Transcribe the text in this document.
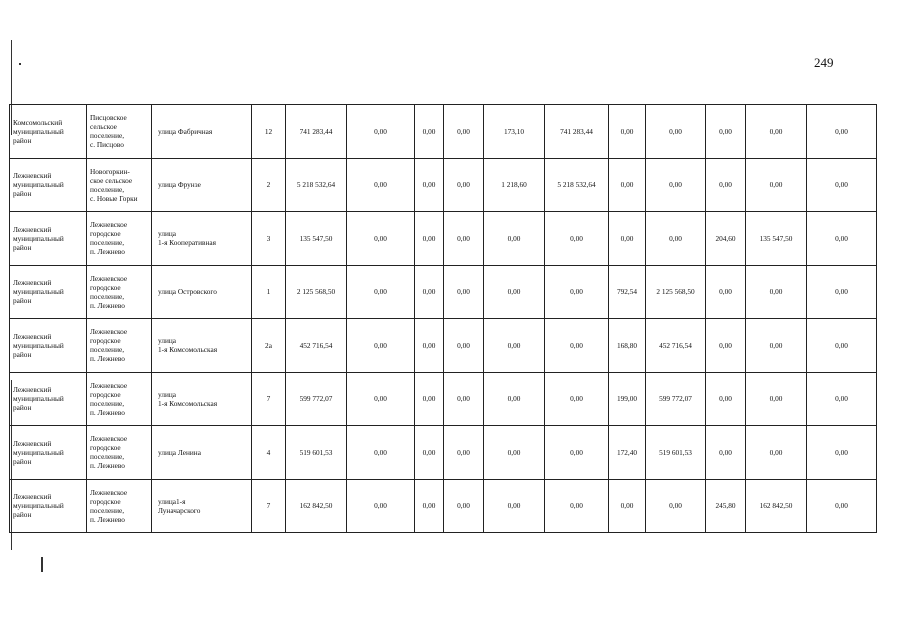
249
Комсомольский
муниципальный
район	Писцовское
сельское
поселение,
с. Писцово	улица Фабричная	12	741 283,44	0,00	0,00	0,00	173,10	741 283,44	0,00	0,00	0,00	0,00	0,00
Лежневский
муниципальный
район	Новогоркин-
ское сельское
поселение,
с. Новые Горки	улица Фрунзе	2	5 218 532,64	0,00	0,00	0,00	1 218,60	5 218 532,64	0,00	0,00	0,00	0,00	0,00
Лежневский
муниципальный
район	Лежневское
городское
поселение,
п. Лежнево	улица
1-я Кооперативная	3	135 547,50	0,00	0,00	0,00	0,00	0,00	0,00	0,00	204,60	135 547,50	0,00
Лежневский
муниципальный
район	Лежневское
городское
поселение,
п. Лежнево	улица Островского	1	2 125 568,50	0,00	0,00	0,00	0,00	0,00	792,54	2 125 568,50	0,00	0,00	0,00
Лежневский
муниципальный
район	Лежневское
городское
поселение,
п. Лежнево	улица
1-я Комсомольская	2а	452 716,54	0,00	0,00	0,00	0,00	0,00	168,80	452 716,54	0,00	0,00	0,00
Лежневский
муниципальный
район	Лежневское
городское
поселение,
п. Лежнево	улица
1-я Комсомольская	7	599 772,07	0,00	0,00	0,00	0,00	0,00	199,00	599 772,07	0,00	0,00	0,00
Лежневский
муниципальный
район	Лежневское
городское
поселение,
п. Лежнево	улица Ленина	4	519 601,53	0,00	0,00	0,00	0,00	0,00	172,40	519 601,53	0,00	0,00	0,00
Лежневский
муниципальный
район	Лежневское
городское
поселение,
п. Лежнево	улица1-я
Луначарского	7	162 842,50	0,00	0,00	0,00	0,00	0,00	0,00	0,00	245,80	162 842,50	0,00
